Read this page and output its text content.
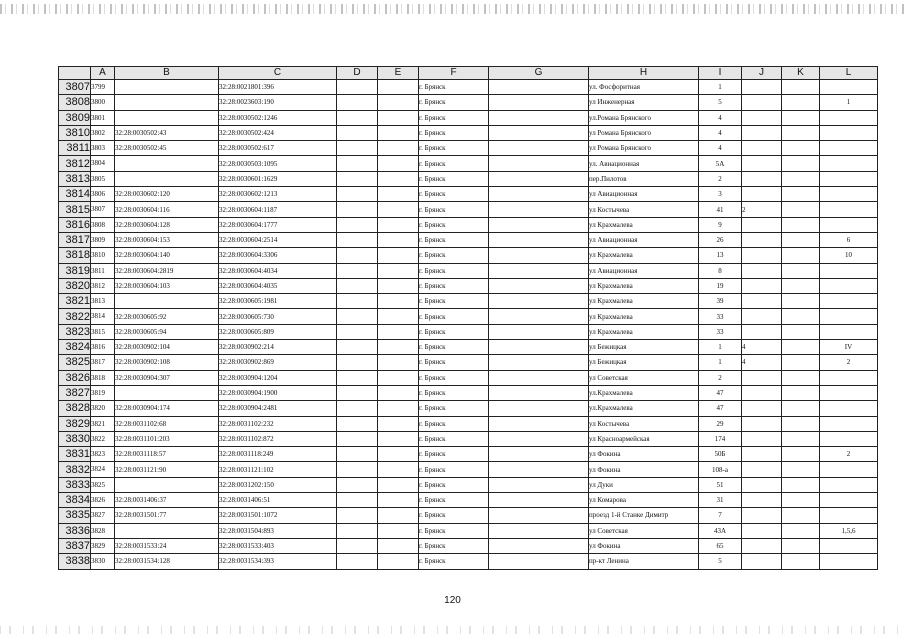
	A	B	C	D	E	F	G	H	I	J	K	L
3807	3799		32:28:0021801:396			г. Брянск		ул. Фосфоритная	1			
3808	3800		32:28:0023603:190			г. Брянск		ул Инженерная	5			1
3809	3801		32:28:0030502:1246			г. Брянск		ул.Романа Брянского	4			
3810	3802	32:28:0030502:43	32:28:0030502:424			г. Брянск		ул Романа Брянского	4			
3811	3803	32:28:0030502:45	32:28:0030502:617			г. Брянск		ул Романа Брянского	4			
3812	3804		32:28:0030503:1095			г. Брянск		ул. Авиационная	5А			
3813	3805		32:28:0030601:1629			г. Брянск		пер.Пилотов	2			
3814	3806	32:28:0030602:120	32:28:0030602:1213			г. Брянск		ул Авиационная	3			
3815	3807	32:28:0030604:116	32:28:0030604:1187			г. Брянск		ул Костычева	41	2		
3816	3808	32:28:0030604:128	32:28:0030604:1777			г. Брянск		ул Крахмалева	9			
3817	3809	32:28:0030604:153	32:28:0030604:2514			г. Брянск		ул Авиационная	26			6
3818	3810	32:28:0030604:140	32:28:0030604:3306			г. Брянск		ул Крахмалева	13			10
3819	3811	32:28:0030604:2819	32:28:0030604:4034			г. Брянск		ул Авиационная	8			
3820	3812	32:28:0030604:103	32:28:0030604:4035			г. Брянск		ул Крахмалева	19			
3821	3813		32:28:0030605:1981			г. Брянск		ул Крахмалева	39			
3822	3814	32:28:0030605:92	32:28:0030605:730			г. Брянск		ул Крахмалева	33			
3823	3815	32:28:0030605:94	32:28:0030605:809			г. Брянск		ул Крахмалева	33			
3824	3816	32:28:0030902:104	32:28:0030902:214			г. Брянск		ул Бежицкая	1	4		IV
3825	3817	32:28:0030902:108	32:28:0030902:869			г. Брянск		ул Бежицкая	1	4		2
3826	3818	32:28:0030904:307	32:28:0030904:1204			г. Брянск		ул Советская	2			
3827	3819		32:28:0030904:1900			г. Брянск		ул.Крахмалева	47			
3828	3820	32:28:0030904:174	32:28:0030904:2481			г. Брянск		ул.Крахмалева	47			
3829	3821	32:28:0031102:68	32:28:0031102:232			г. Брянск		ул Костычева	29			
3830	3822	32:28:0031101:203	32:28:0031102:872			г. Брянск		ул Красноармейская	174			
3831	3823	32:28:0031118:57	32:28:0031118:249			г. Брянск		ул Фокина	50Б			2
3832	3824	32:28:0031121:90	32:28:0031121:102			г. Брянск		ул Фокина	108-а			
3833	3825		32:28:0031202:150			г. Брянск		ул Дуки	51			
3834	3826	32:28:0031406:37	32:28:0031406:51			г. Брянск		ул Комарова	31			
3835	3827	32:28:0031501:77	32:28:0031501:1072			г. Брянск		проезд 1-й Станке Димитр	7			
3836	3828		32:28:0031504:893			г. Брянск		ул Советская	43А			1,5,6
3837	3829	32:28:0031533:24	32:28:0031533:403			г. Брянск		ул Фокина	65			
3838	3830	32:28:0031534:128	32:28:0031534:393			г. Брянск		пр-кт Ленина	5			
120
